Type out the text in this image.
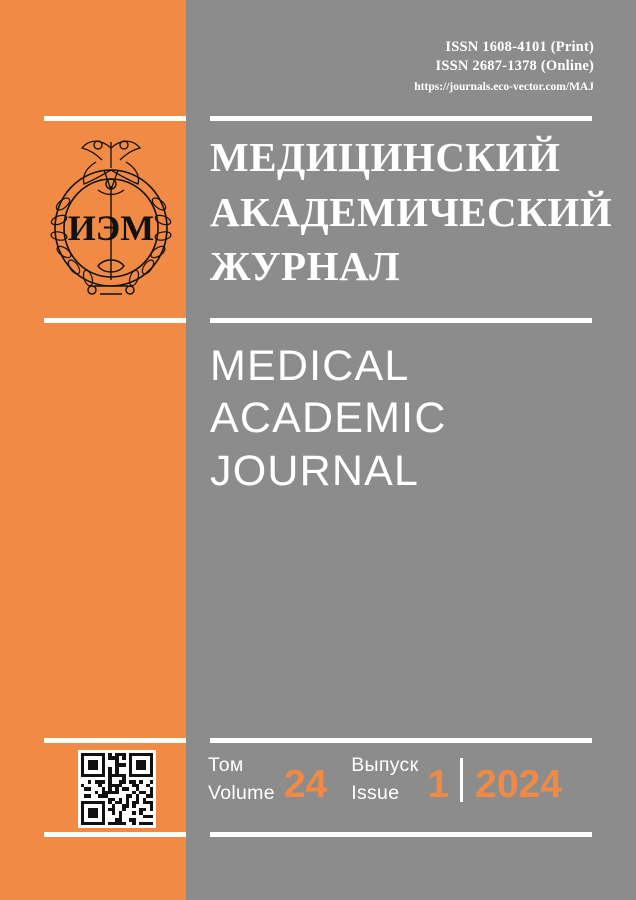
ISSN 1608-4101 (Print)
ISSN 2687-1378 (Online)
https://journals.eco-vector.com/MAJ
ИЭМ
МЕДИЦИНСКИЙ
АКАДЕМИЧЕСКИЙ
ЖУРНАЛ
MEDICAL
ACADEMIC
JOURNAL
Том
Volume 24 Выпуск
Issue 1 2024
